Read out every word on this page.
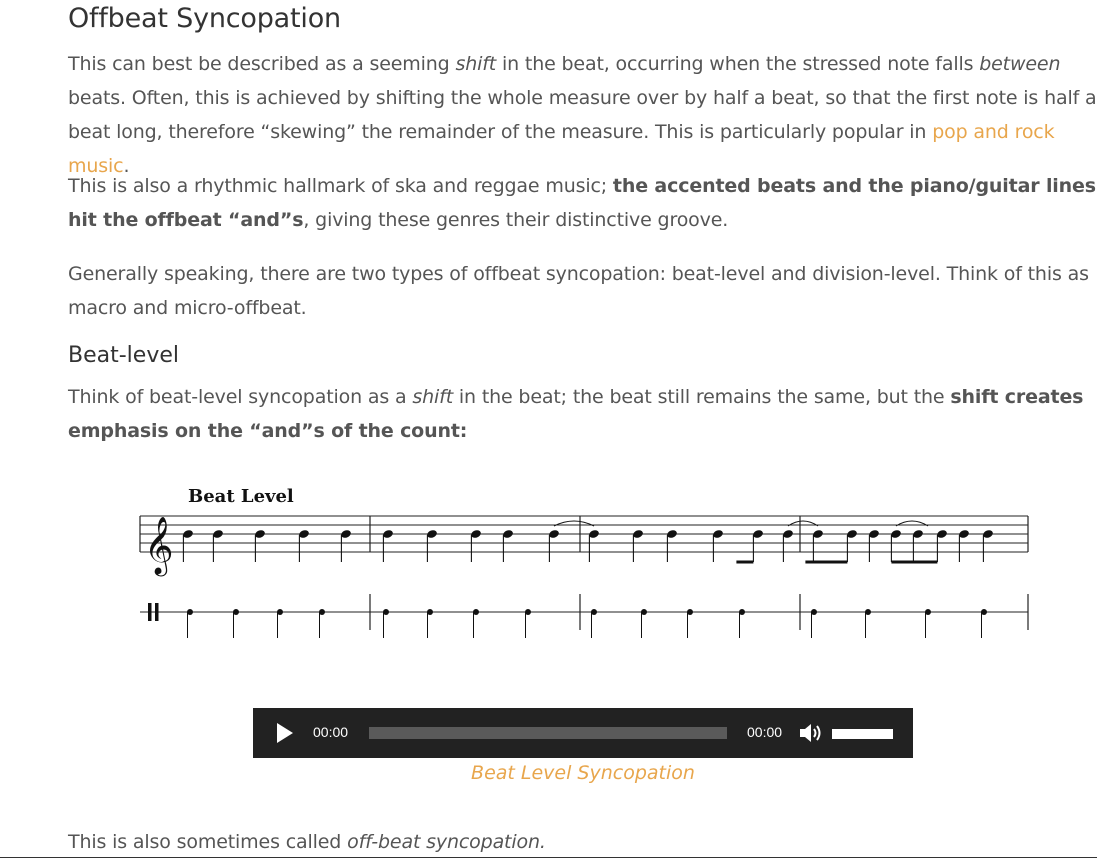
Offbeat Syncopation

This can best be described as a seeming shift in the beat, occurring when the stressed note falls between beats. Often, this is achieved by shifting the whole measure over by half a beat, so that the first note is half a beat long, therefore “skewing” the remainder of the measure. This is particularly popular in pop and rock music.

This is also a rhythmic hallmark of ska and reggae music; the accented beats and the piano/guitar lines hit the offbeat “and”s, giving these genres their distinctive groove.

Generally speaking, there are two types of offbeat syncopation: beat-level and division-level. Think of this as macro and micro-offbeat.

Beat-level

Think of beat-level syncopation as a shift in the beat; the beat still remains the same, but the shift creates emphasis on the “and”s of the count:

This is also sometimes called off-beat syncopation.

Beat Level
𝄞
00:00	00:00
Beat Level Syncopation
